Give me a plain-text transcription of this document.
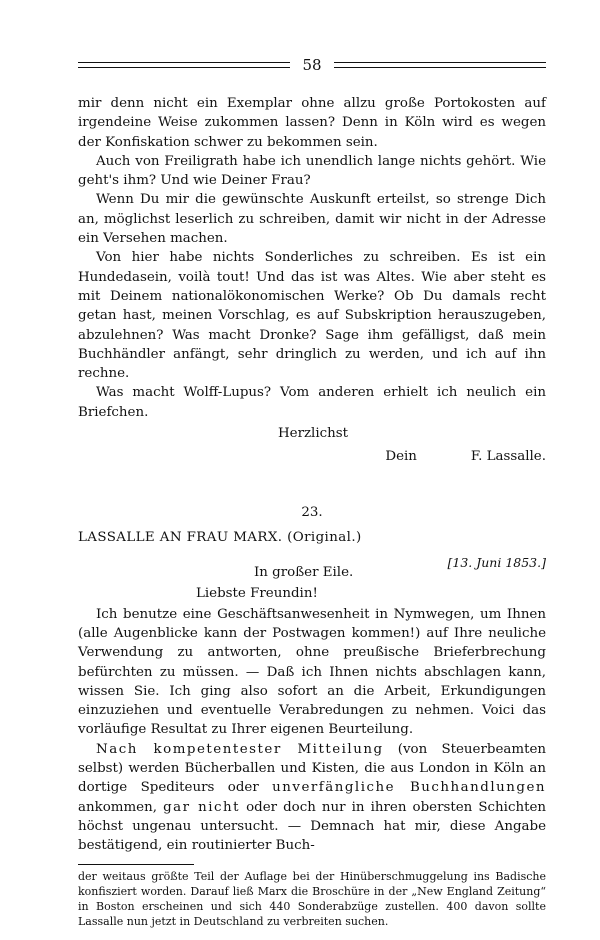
58

mir denn nicht ein Exemplar ohne allzu große Portokosten auf irgendeine Weise zukommen lassen? Denn in Köln wird es wegen der Konfiskation schwer zu bekommen sein.

Auch von Freiligrath habe ich unendlich lange nichts gehört. Wie geht's ihm? Und wie Deiner Frau?

Wenn Du mir die gewünschte Auskunft erteilst, so strenge Dich an, möglichst leserlich zu schreiben, damit wir nicht in der Adresse ein Versehen machen.

Von hier habe nichts Sonderliches zu schreiben. Es ist ein Hundedasein, voilà tout! Und das ist was Altes. Wie aber steht es mit Deinem nationalökonomischen Werke? Ob Du damals recht getan hast, meinen Vorschlag, es auf Subskription herauszugeben, abzulehnen? Was macht Dronke? Sage ihm gefälligst, daß mein Buchhändler anfängt, sehr dringlich zu werden, und ich auf ihn rechne.

Was macht Wolff-Lupus? Vom anderen erhielt ich neulich ein Briefchen.

Herzlichst
Dein	F. Lassalle.
23.
LASSALLE AN FRAU MARX. (Original.)
In großer Eile.
[13. Juni 1853.]
Liebste Freundin!

Ich benutze eine Geschäftsanwesenheit in Nymwegen, um Ihnen (alle Augenblicke kann der Postwagen kommen!) auf Ihre neuliche Verwendung zu antworten, ohne preußische Brieferbrechung befürchten zu müssen. — Daß ich Ihnen nichts abschlagen kann, wissen Sie. Ich ging also sofort an die Arbeit, Erkundigungen einzuziehen und eventuelle Verabredungen zu nehmen. Voici das vorläufige Resultat zu Ihrer eigenen Beurteilung.

Nach kompetentester Mitteilung (von Steuerbeamten selbst) werden Bücherballen und Kisten, die aus London in Köln an dortige Spediteurs oder unverfängliche Buchhandlungen ankommen, gar nicht oder doch nur in ihren obersten Schichten höchst ungenau untersucht. — Demnach hat mir, diese Angabe bestätigend, ein routinierter Buch-

der weitaus größte Teil der Auflage bei der Hinüberschmuggelung ins Badische konfisziert worden. Darauf ließ Marx die Broschüre in der „New England Zeitung“ in Boston erscheinen und sich 440 Sonderabzüge zustellen. 400 davon sollte Lassalle nun jetzt in Deutschland zu verbreiten suchen.
